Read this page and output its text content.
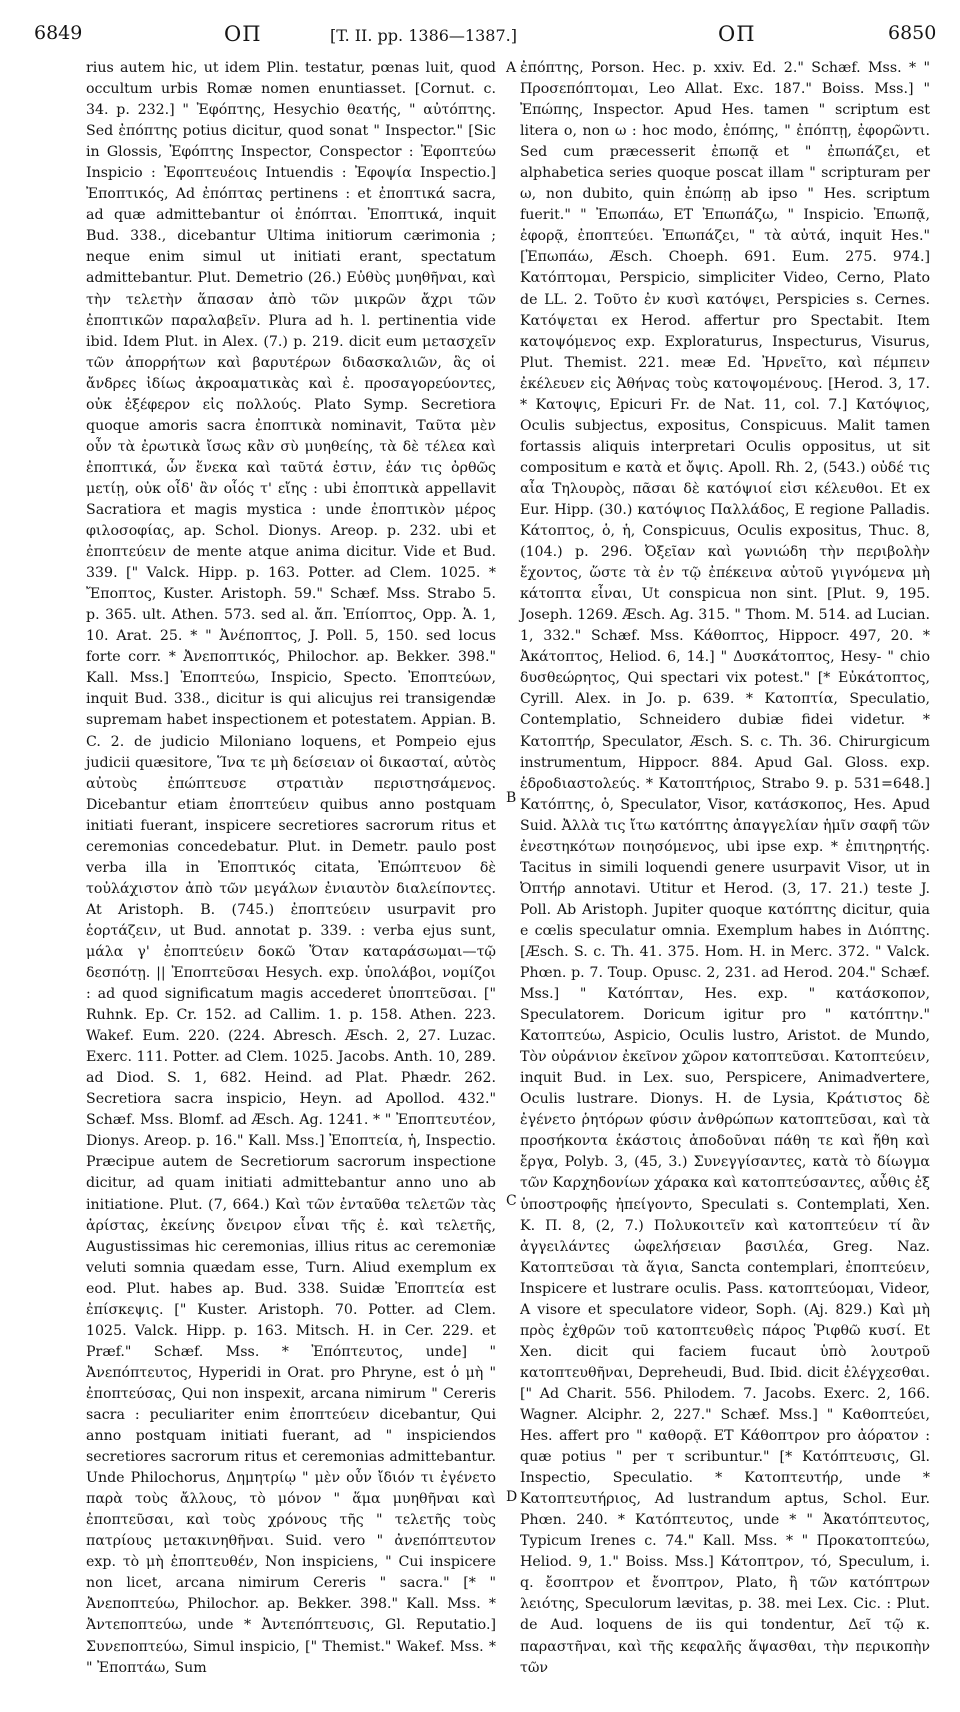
6849	ΟΠ	[T. II. pp. 1386—1387.]	ΟΠ	6850

rius autem hic, ut idem Plin. testatur, pœnas luit, quod occultum urbis Romæ nomen enuntiasset. [Cornut. c. 34. p. 232.] " Ἐφόπτης, Hesychio θεατής, " αὐτόπτης. Sed ἐπόπτης potius dicitur, quod sonat " Inspector." [Sic in Glossis, Ἐφόπτης Inspector, Conspector : Ἐφοπτεύω Inspicio : Ἐφοπτευέοις Intuendis : Ἐφοψία Inspectio.] Ἐποπτικός, Ad ἐπόπτας pertinens : et ἐποπτικά sacra, ad quæ admittebantur οἱ ἐπόπται. Ἐποπτικά, inquit Bud. 338., dicebantur Ultima initiorum cærimonia ; neque enim simul ut initiati erant, spectatum admittebantur. Plut. Demetrio (26.) Εὐθὺς μυηθῆναι, καὶ τὴν τελετὴν ἅπασαν ἀπὸ τῶν μικρῶν ἄχρι τῶν ἐποπτικῶν παραλαβεῖν. Plura ad h. l. pertinentia vide ibid. Idem Plut. in Alex. (7.) p. 219. dicit eum μετασχεῖν τῶν ἀπορρήτων καὶ βαρυτέρων διδασκαλιῶν, ἃς οἱ ἄνδρες ἰδίως ἀκροαματικὰς καὶ ἐ. προσαγορεύοντες, οὐκ ἐξέφερον εἰς πολλούς. Plato Symp. Secretiora quoque amoris sacra ἐποπτικὰ nominavit, Ταῦτα μὲν οὖν τὰ ἐρωτικὰ ἴσως κἂν σὺ μυηθείης, τὰ δὲ τέλεα καὶ ἐποπτικά, ὧν ἕνεκα καὶ ταῦτά ἐστιν, ἐάν τις ὀρθῶς μετίῃ, οὐκ οἶδ' ἂν οἷός τ' εἴης : ubi ἐποπτικὰ appellavit Sacratiora et magis mystica : unde ἐποπτικὸν μέρος φιλοσοφίας, ap. Schol. Dionys. Areop. p. 232. ubi et ἐποπτεύειν de mente atque anima dicitur. Vide et Bud. 339. [" Valck. Hipp. p. 163. Potter. ad Clem. 1025. * Ἔποπτος, Kuster. Aristoph. 59." Schæf. Mss. Strabo 5. p. 365. ult. Athen. 573. sed al. ἄπ. Ἐπίοπτος, Opp. Ἁ. 1, 10. Arat. 25. * " Ἀνέποπτος, J. Poll. 5, 150. sed locus forte corr. * Ἀνεποπτικός, Philochor. ap. Bekker. 398." Kall. Mss.] Ἐποπτεύω, Inspicio, Specto. Ἐποπτεύων, inquit Bud. 338., dicitur is qui alicujus rei transigendæ supremam habet inspectionem et potestatem. Appian. B. C. 2. de judicio Miloniano loquens, et Pompeio ejus judicii quæsitore, Ἵνα τε μὴ δείσειαν οἱ δικασταί, αὐτὸς αὐτοὺς ἐπώπτευσε στρατιὰν περιστησάμενος. Dicebantur etiam ἐποπτεύειν quibus anno postquam initiati fuerant, inspicere secretiores sacrorum ritus et ceremonias concedebatur. Plut. in Demetr. paulo post verba illa in Ἐποπτικός citata, Ἐπώπτευον δὲ τοὐλάχιστον ἀπὸ τῶν μεγάλων ἐνιαυτὸν διαλείποντες. At Aristoph. B. (745.) ἐποπτεύειν usurpavit pro ἑορτάζειν, ut Bud. annotat p. 339. : verba ejus sunt, μάλα γ' ἐποπτεύειν δοκῶ Ὅταν καταράσωμαι—τῷ δεσπότῃ. || Ἐποπτεῦσαι Hesych. exp. ὑπολάβοι, νομίζοι : ad quod significatum magis accederet ὑποπτεῦσαι. [" Ruhnk. Ep. Cr. 152. ad Callim. 1. p. 158. Athen. 223. Wakef. Eum. 220. (224. Abresch. Æsch. 2, 27. Luzac. Exerc. 111. Potter. ad Clem. 1025. Jacobs. Anth. 10, 289. ad Diod. S. 1, 682. Heind. ad Plat. Phædr. 262. Secretiora sacra inspicio, Heyn. ad Apollod. 432." Schæf. Mss. Blomf. ad Æsch. Ag. 1241. * " Ἐποπτευτέον, Dionys. Areop. p. 16." Kall. Mss.] Ἐποπτεία, ἡ, Inspectio. Præcipue autem de Secretiorum sacrorum inspectione dicitur, ad quam initiati admittebantur anno uno ab initiatione. Plut. (7, 664.) Καὶ τῶν ἐνταῦθα τελετῶν τὰς ἀρίστας, ἐκείνης ὄνειρον εἶναι τῆς ἐ. καὶ τελετῆς, Augustissimas hic ceremonias, illius ritus ac ceremoniæ veluti somnia quædam esse, Turn. Aliud exemplum ex eod. Plut. habes ap. Bud. 338. Suidæ Ἐποπτεία est ἐπίσκεψις. [" Kuster. Aristoph. 70. Potter. ad Clem. 1025. Valck. Hipp. p. 163. Mitsch. H. in Cer. 229. et Præf." Schæf. Mss. * Ἐπόπτευτος, unde] " Ἀνεπόπτευτος, Hyperidi in Orat. pro Phryne, est ὁ μὴ " ἐποπτεύσας, Qui non inspexit, arcana nimirum " Cereris sacra : peculiariter enim ἐποπτεύειν dicebantur, Qui anno postquam initiati fuerant, ad " inspiciendos secretiores sacrorum ritus et ceremonias admittebantur. Unde Philochorus, Δημητρίῳ " μὲν οὖν ἴδιόν τι ἐγένετο παρὰ τοὺς ἄλλους, τὸ μόνον " ἅμα μυηθῆναι καὶ ἐποπτεῦσαι, καὶ τοὺς χρόνους τῆς " τελετῆς τοὺς πατρίους μετακινηθῆναι. Suid. vero " ἀνεπόπτευτον exp. τὸ μὴ ἐποπτευθέν, Non inspiciens, " Cui inspicere non licet, arcana nimirum Cereris " sacra." [* " Ἀνεποπτεύω, Philochor. ap. Bekker. 398." Kall. Mss. * Ἀντεποπτεύω, unde * Ἀντεπόπτευσις, Gl. Reputatio.] Συνεποπτεύω, Simul inspicio, [" Themist." Wakef. Mss. * " Ἐποπτάω, Sum

A
B
C
D

ἐπόπτης, Porson. Hec. p. xxiv. Ed. 2." Schæf. Mss. * " Προσεπόπτομαι, Leo Allat. Exc. 187." Boiss. Mss.] " Ἐπώπης, Inspector. Apud Hes. tamen " scriptum est litera o, non ω : hoc modo, ἐπόπης, " ἐπόπτῃ, ἐφορῶντι. Sed cum præcesserit ἐπωπᾷ et " ἐπωπάζει, et alphabetica series quoque poscat illam " scripturam per ω, non dubito, quin ἐπώπῃ ab ipso " Hes. scriptum fuerit." " Ἐπωπάω, ET Ἐπωπάζω, " Inspicio. Ἐπωπᾷ, ἐφορᾷ, ἐποπτεύει. Ἐπωπάζει, " τὰ αὐτά, inquit Hes." [Ἐπωπάω, Æsch. Choeph. 691. Eum. 275. 974.] Κατόπτομαι, Perspicio, simpliciter Video, Cerno, Plato de LL. 2. Τοῦτο ἐν κυσὶ κατόψει, Perspicies s. Cernes. Κατόψεται ex Herod. affertur pro Spectabit. Item κατοψόμενος exp. Exploraturus, Inspecturus, Visurus, Plut. Themist. 221. meæ Ed. Ἠρνεῖτο, καὶ πέμπειν ἐκέλευεν εἰς Ἀθήνας τοὺς κατοψομένους. [Herod. 3, 17. * Κατοψις, Epicuri Fr. de Nat. 11, col. 7.] Κατόψιος, Oculis subjectus, expositus, Conspicuus. Malit tamen fortassis aliquis interpretari Oculis oppositus, ut sit compositum e κατὰ et ὄψις. Apoll. Rh. 2, (543.) οὐδέ τις αἶα Τηλουρὸς, πᾶσαι δὲ κατόψιοί εἰσι κέλευθοι. Et ex Eur. Hipp. (30.) κατόψιος Παλλάδος, E regione Palladis. Κάτοπτος, ὁ, ἡ, Conspicuus, Oculis expositus, Thuc. 8, (104.) p. 296. Ὀξεῖαν καὶ γωνιώδη τὴν περιβολὴν ἔχοντος, ὥστε τὰ ἐν τῷ ἐπέκεινα αὐτοῦ γιγνόμενα μὴ κάτοπτα εἶναι, Ut conspicua non sint. [Plut. 9, 195. Joseph. 1269. Æsch. Ag. 315. " Thom. M. 514. ad Lucian. 1, 332." Schæf. Mss. Κάθοπτος, Hippocr. 497, 20. * Ἀκάτοπτος, Heliod. 6, 14.] " Δυσκάτοπτος, Hesy- " chio δυσθεώρητος, Qui spectari vix potest." [* Εὐκάτοπτος, Cyrill. Alex. in Jo. p. 639. * Κατοπτία, Speculatio, Contemplatio, Schneidero dubiæ fidei videtur. * Κατοπτήρ, Speculator, Æsch. S. c. Th. 36. Chirurgicum instrumentum, Hippocr. 884. Apud Gal. Gloss. exp. ἑδροδιαστολεύς. * Κατοπτήριος, Strabo 9. p. 531=648.] Κατόπτης, ὁ, Speculator, Visor, κατάσκοπος, Hes. Apud Suid. Ἀλλὰ τις ἴτω κατόπτης ἀπαγγελίαν ἡμῖν σαφῆ τῶν ἐνεστηκότων ποιησόμενος, ubi ipse exp. * ἐπιτηρητής. Tacitus in simili loquendi genere usurpavit Visor, ut in Ὀπτήρ annotavi. Utitur et Herod. (3, 17. 21.) teste J. Poll. Ab Aristoph. Jupiter quoque κατόπτης dicitur, quia e cœlis speculatur omnia. Exemplum habes in Διόπτης. [Æsch. S. c. Th. 41. 375. Hom. H. in Merc. 372. " Valck. Phœn. p. 7. Toup. Opusc. 2, 231. ad Herod. 204." Schæf. Mss.] " Κατόπταν, Hes. exp. " κατάσκοπον, Speculatorem. Doricum igitur pro " κατόπτην." Κατοπτεύω, Aspicio, Oculis lustro, Aristot. de Mundo, Τὸν οὐράνιον ἐκεῖνον χῶρον κατοπτεῦσαι. Κατοπτεύειν, inquit Bud. in Lex. suo, Perspicere, Animadvertere, Oculis lustrare. Dionys. H. de Lysia, Κράτιστος δὲ ἐγένετο ῥητόρων φύσιν ἀνθρώπων κατοπτεῦσαι, καὶ τὰ προσήκοντα ἑκάστοις ἀποδοῦναι πάθη τε καὶ ἤθη καὶ ἔργα, Polyb. 3, (45, 3.) Συνεγγίσαντες, κατὰ τὸ δίωγμα τῶν Καρχηδονίων χάρακα καὶ κατοπτεύσαντες, αὖθις ἐξ ὑποστροφῆς ἠπείγοντο, Speculati s. Contemplati, Xen. K. Π. 8, (2, 7.) Πολυκοιτεῖν καὶ κατοπτεύειν τί ἂν ἀγγειλάντες ὠφελήσειαν βασιλέα, Greg. Naz. Κατοπτεῦσαι τὰ ἅγια, Sancta contemplari, ἐποπτεύειν, Inspicere et lustrare oculis. Pass. κατοπτεύομαι, Videor, A visore et speculatore videor, Soph. (Aj. 829.) Καὶ μὴ πρὸς ἐχθρῶν τοῦ κατοπτευθεὶς πάρος Ῥιφθῶ κυσί. Et Xen. dicit qui faciem fucaut ὑπὸ λουτροῦ κατοπτευθῆναι, Depreheudi, Bud. Ibid. dicit ἐλέγχεσθαι. [" Ad Charit. 556. Philodem. 7. Jacobs. Exerc. 2, 166. Wagner. Alciphr. 2, 227." Schæf. Mss.] " Καθοπτεύει, Hes. affert pro " καθορᾷ. ET Κάθοπτρον pro ἀόρατον : quæ potius " per τ scribuntur." [* Κατόπτευσις, Gl. Inspectio, Speculatio. * Κατοπτευτήρ, unde * Κατοπτευτήριος, Ad lustrandum aptus, Schol. Eur. Phœn. 240. * Κατόπτευτος, unde * " Ἀκατόπτευτος, Typicum Irenes c. 74." Kall. Mss. * " Προκατοπτεύω, Heliod. 9, 1." Boiss. Mss.] Κάτοπτρον, τό, Speculum, i. q. ἔσοπτρον et ἔνοπτρον, Plato, ἢ τῶν κατόπτρων λειότης, Speculorum lævitas, p. 38. mei Lex. Cic. : Plut. de Aud. loquens de iis qui tondentur, Δεῖ τῷ κ. παραστῆναι, καὶ τῆς κεφαλῆς ἅψασθαι, τὴν περικοπὴν τῶν
